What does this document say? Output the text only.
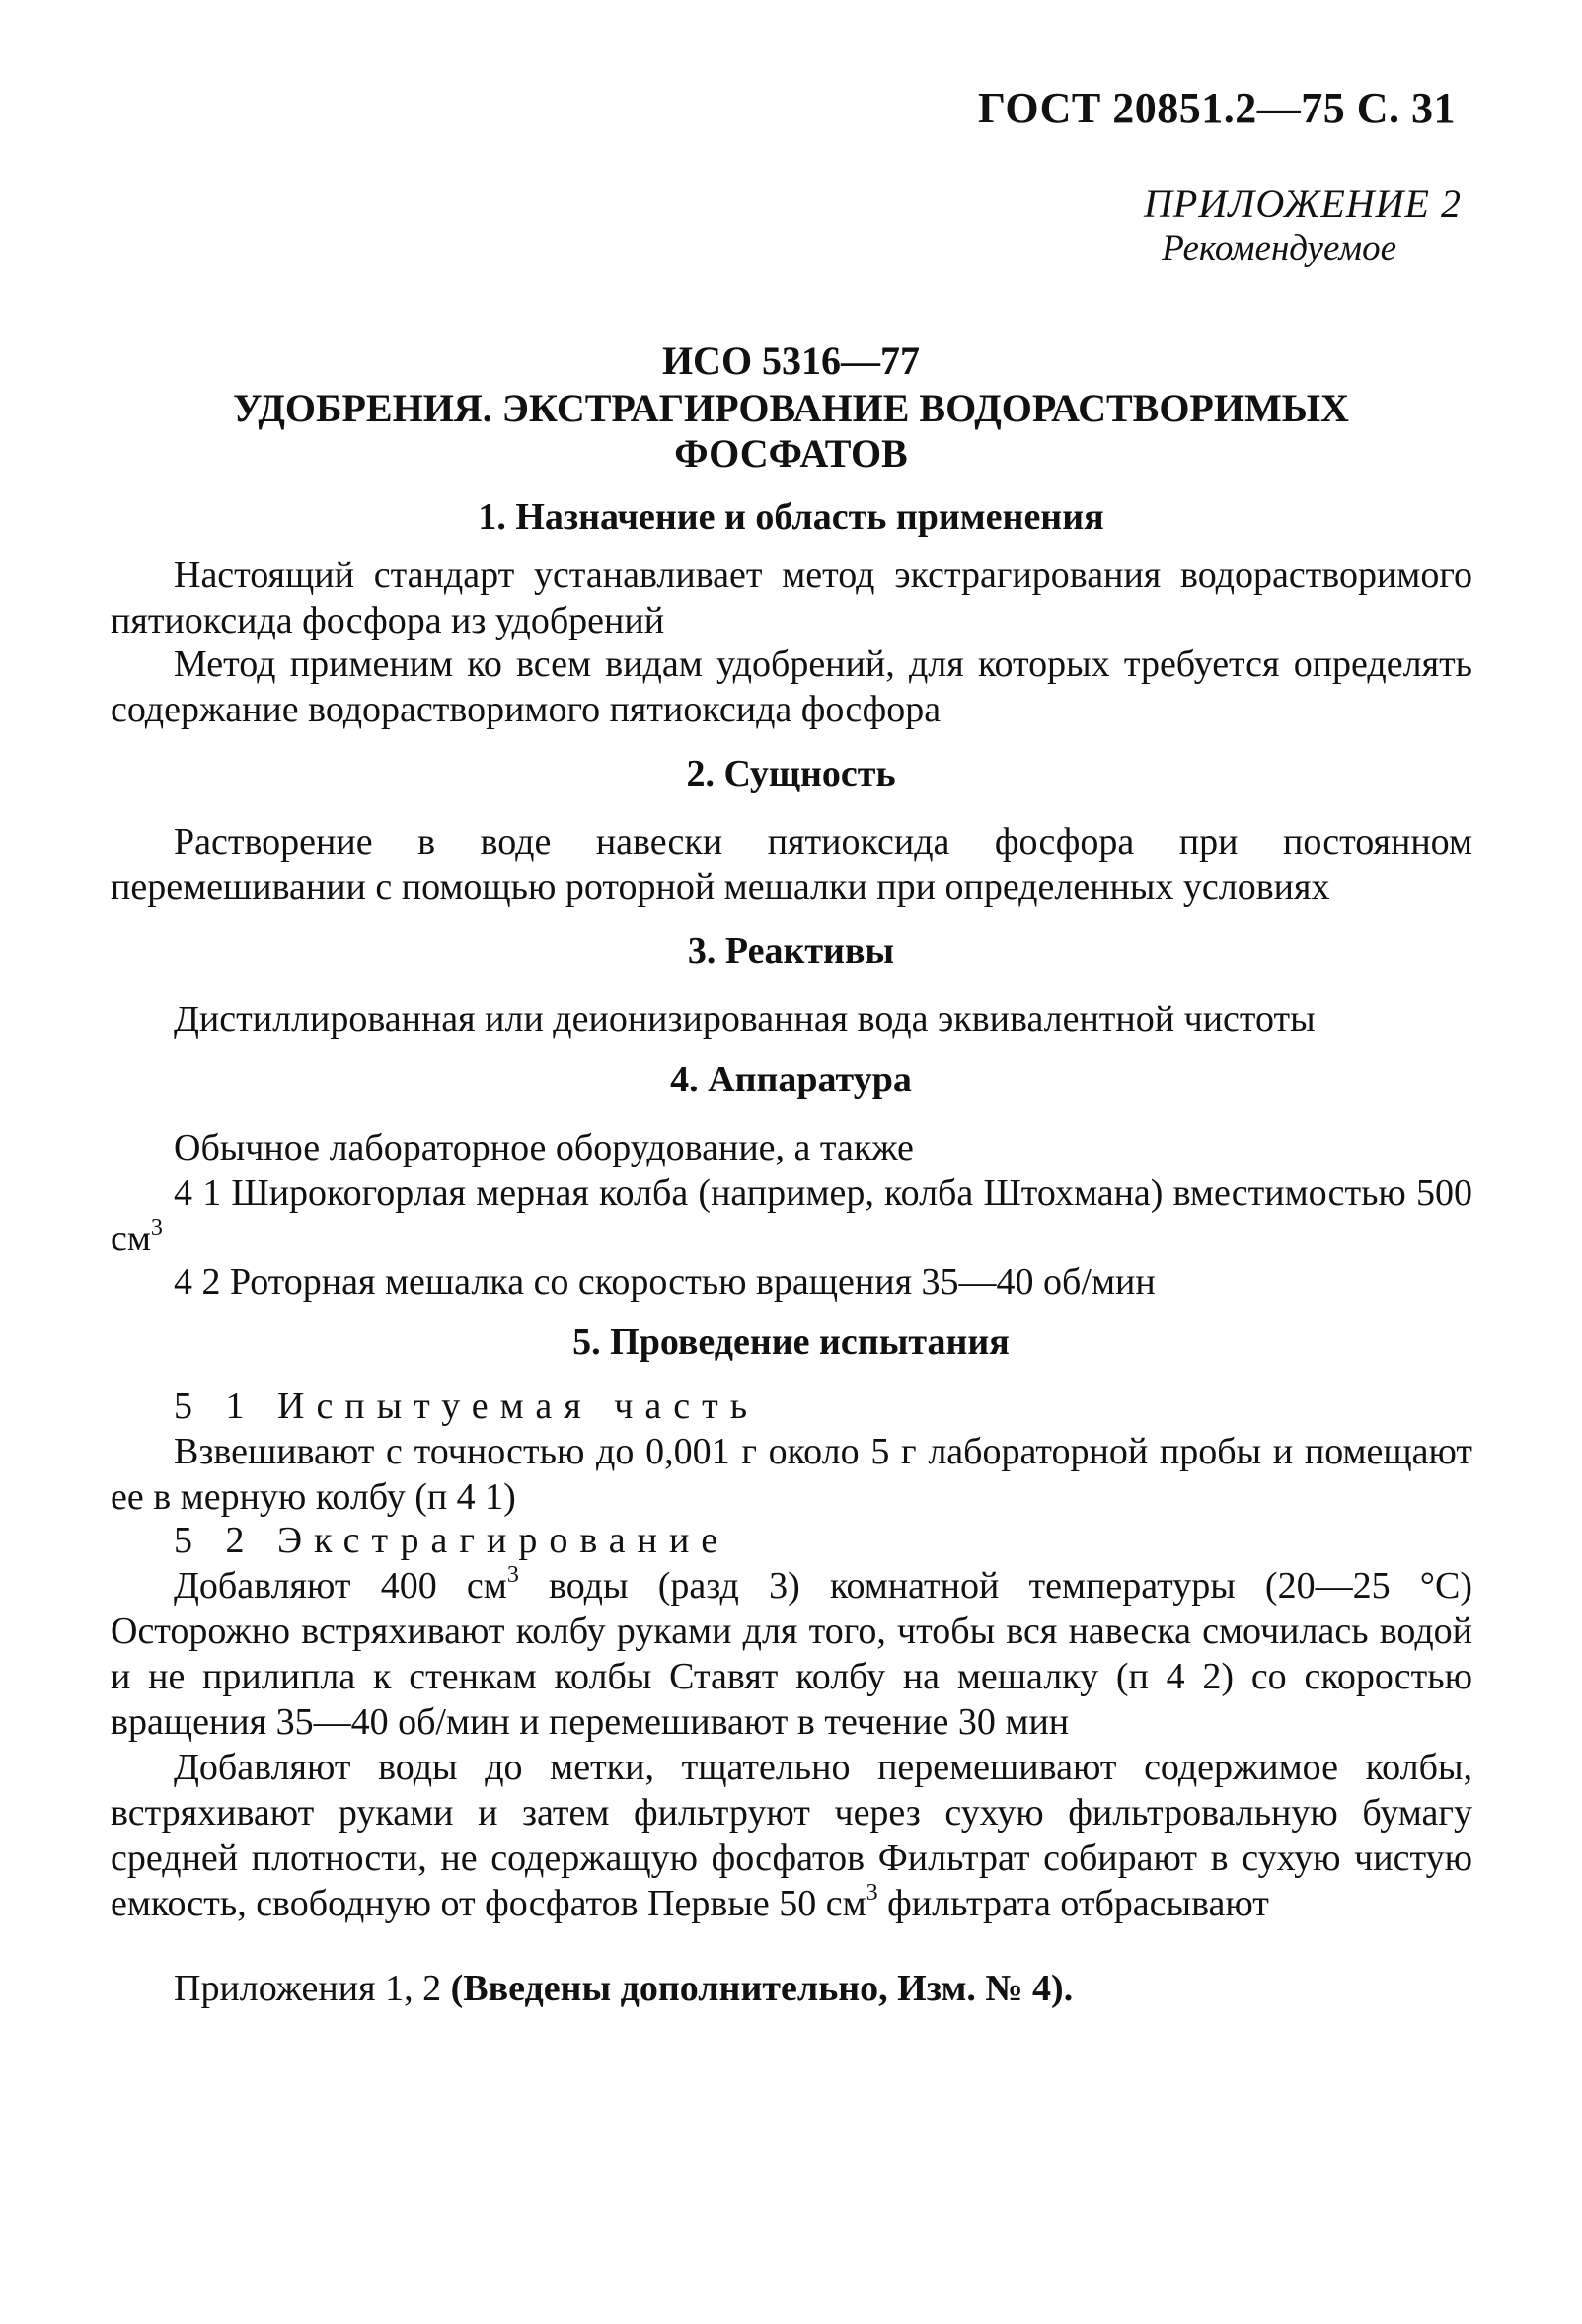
ГОСТ 20851.2—75 С. 31
ПРИЛОЖЕНИЕ 2
Рекомендуемое
ИСО 5316—77
УДОБРЕНИЯ. ЭКСТРАГИРОВАНИЕ ВОДОРАСТВОРИМЫХ
ФОСФАТОВ
1. Назначение и область применения

Настоящий стандарт устанавливает метод экстрагирования водорастворимого пятиоксида фосфора из удобрений

Метод применим ко всем видам удобрений, для которых требуется определять содержание водорастворимого пятиоксида фосфора

2. Сущность

Растворение в воде навески пятиоксида фосфора при постоянном перемешивании с помощью роторной мешалки при определенных условиях

3. Реактивы

Дистиллированная или деионизированная вода эквивалентной чистоты

4. Аппаратура

Обычное лабораторное оборудование, а также

4 1 Широкогорлая мерная колба (например, колба Штохмана) вместимостью 500 $см^3$

4 2 Роторная мешалка со скоростью вращения 35—40 об/мин

5. Проведение испытания

5 1 Испытуемая часть

Взвешивают с точностью до 0,001 г около 5 г лабораторной пробы и помещают ее в мерную колбу (п 4 1)

5 2 Экстрагирование

Добавляют 400 $см^3$ воды (разд 3) комнатной температуры (20—25 °С) Осторожно встряхивают колбу руками для того, чтобы вся навеска смочилась водой и не прилипла к стенкам колбы Ставят колбу на мешалку (п 4 2) со скоростью вращения 35—40 об/мин и перемешивают в течение 30 мин

Добавляют воды до метки, тщательно перемешивают содержимое колбы, встряхивают руками и затем фильтруют через сухую фильтровальную бумагу средней плотности, не содержащую фосфатов Фильтрат собирают в сухую чистую емкость, свободную от фосфатов Первые 50 $см^3$ фильтрата отбрасывают

Приложения 1, 2 (Введены дополнительно, Изм. № 4).
